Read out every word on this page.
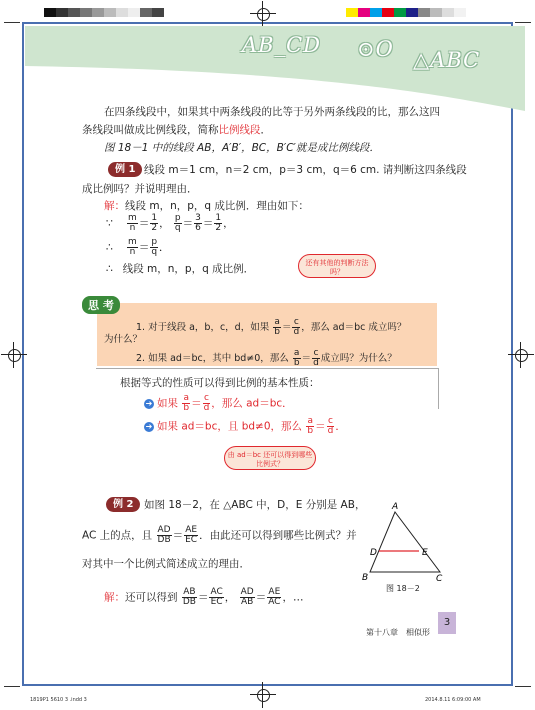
AB_CD ⊙O △ABC
在四条线段中，如果其中两条线段的比等于另外两条线段的比，那么这四
条线段叫做成比例线段，简称比例线段．
图 18－1 中的线段 AB，A′B′，BC，B′C′就是成比例线段．
例 1 线段 m＝1 cm，n＝2 cm，p＝3 cm，q＝6 cm. 请判断这四条线段
成比例吗？并说明理由．
解：线段 m，n，p，q 成比例．理由如下：
∵ $\frac{m}{n} = \frac{1}{2}$ ， $\frac{p}{q} = \frac{3}{6} = \frac{1}{2}$ ，
∴ $\frac{m}{n} = \frac{p}{q}$ ．
∴ 线段 m，n，p，q 成比例．	还有其他的判断方法吗？
思 考
1. 对于线段 a，b，c，d，如果 $\frac{a}{b} = \frac{c}{d}$ ，那么 ad＝bc 成立吗？
为什么？
2. 如果 ad＝bc，其中 bd≠0，那么 $\frac{a}{b} = \frac{c}{d}$ 成立吗？为什么？
根据等式的性质可以得到比例的基本性质：
➔ 如果 $\frac{a}{b} = \frac{c}{d}$ ，那么 ad＝bc．
➔ 如果 ad＝bc，且 bd≠0，那么 $\frac{a}{b} = \frac{c}{d}$ ．
由 ad＝bc 还可以得到哪些比例式？
例 2	如图 18－2，在 △ABC 中，D，E 分别是 AB，
AC 上的点，且 $\frac{AD}{DB} = \frac{AE}{EC}$ ．由此还可以得到哪些比例式？并
对其中一个比例式简述成立的理由．
解：还可以得到 $\frac{AB}{DB} = \frac{AC}{EC}$ ， $\frac{AD}{AB} = \frac{AE}{AC}$ ，…
A
B	C
D	E
图 18－2
第十八章　相似形
3
1819P1 5610 3 .indd 3	2014.8.11 6:09:00 AM
